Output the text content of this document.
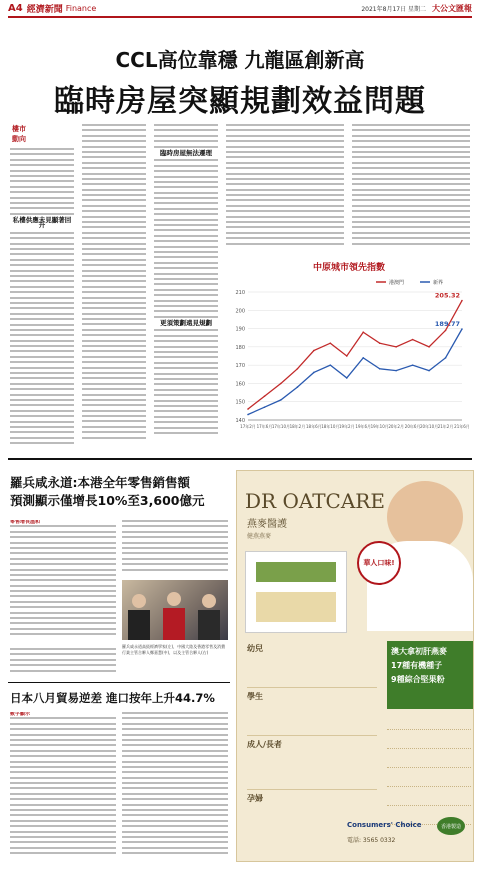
A4 經濟新聞 Finance	2021年8月17日 星期二 大公文匯報
CCL高位靠穩 九龍區創新高
臨時房屋突顯規劃效益問題
樓市
動向
私樓供應未見顯著回升
臨時房屋無法遷理
更須策劃遠見規劃
中原城市領先指數
港澳門	新界
205.32
189.77
140
150
160
170
180
190
200
210
17年2月 17年6月 17年10月 18年2月 18年6月 18年10月 19年2月 19年6月 19年10月 20年2月 20年6月 20年10月 21年2月 21年6月
羅兵咸永道:本港全年零售銷售額
預測顯示僅增長10%至3,600億元
零售增長溫和
羅兵咸永道高級經濟學家(左)，中國大陸及香港零售及消費行業主管合夥人鄭嘉慧(中)，以及主管合夥人(右)
日本八月貿易逆差 進口按年上升44.7%
數字顯示
DR OATCARE
燕麥醫護
健燕燕麥
華人口味!
澳大拿初肝燕麥
17種有機種子
9種綜合堅果粉
幼兒
學生
成人/長者
孕婦
Consumers' Choice
電話: 3565 0332
香港製造
